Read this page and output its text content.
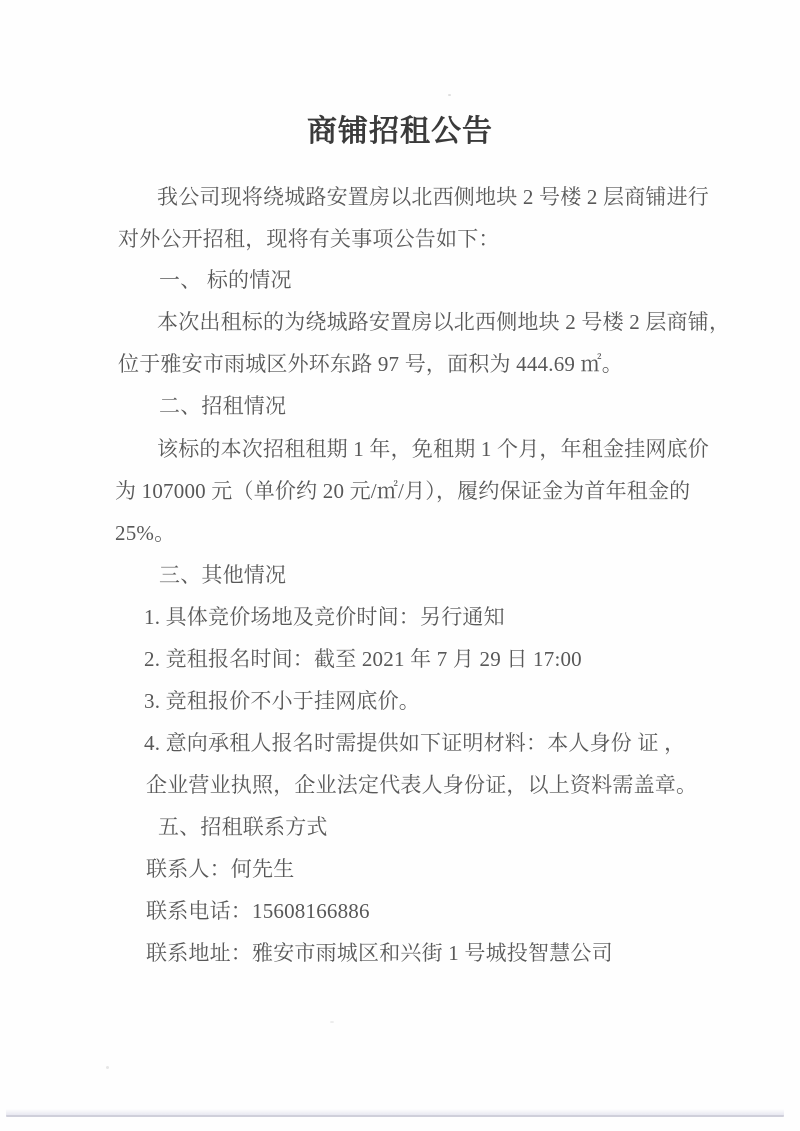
商铺招租公告
我公司现将绕城路安置房以北西侧地块 2 号楼 2 层商铺进行
对外公开招租，现将有关事项公告如下：
一、 标的情况
本次出租标的为绕城路安置房以北西侧地块 2 号楼 2 层商铺，
位于雅安市雨城区外环东路 97 号，面积为 444.69 ㎡。
二、招租情况
该标的本次招租租期 1 年，免租期 1 个月，年租金挂网底价
为 107000 元（单价约 20 元/㎡/月），履约保证金为首年租金的
25%。
三、其他情况
1. 具体竞价场地及竞价时间：另行通知
2. 竞租报名时间：截至 2021 年 7 月 29 日 17:00
3. 竞租报价不小于挂网底价。
4. 意向承租人报名时需提供如下证明材料：本人身份 证 ，
企业营业执照，企业法定代表人身份证，以上资料需盖章。
五、招租联系方式
联系人：何先生
联系电话：15608166886
联系地址：雅安市雨城区和兴街 1 号城投智慧公司
